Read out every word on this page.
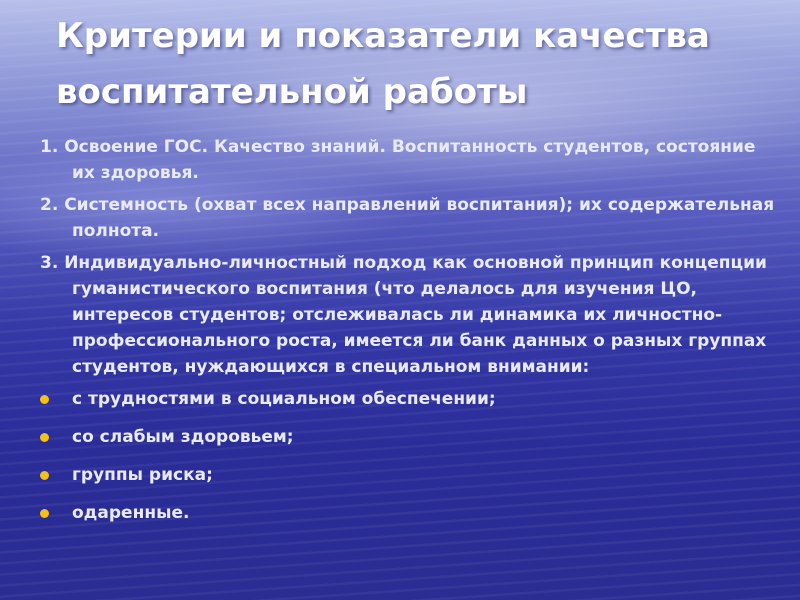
Критерии и показатели качества воспитательной работы
1. Освоение ГОС. Качество знаний. Воспитанность студентов, состояние их здоровья.
2. Системность (охват всех направлений воспитания); их содержательная полнота.
3. Индивидуально-личностный подход как основной принцип концепции гуманистического воспитания (что делалось для изучения ЦО, интересов студентов; отслеживалась ли динамика их личностно-профессионального роста, имеется ли банк данных о разных группах студентов, нуждающихся в специальном внимании:
с трудностями в социальном обеспечении;
со слабым здоровьем;
группы риска;
одаренные.
